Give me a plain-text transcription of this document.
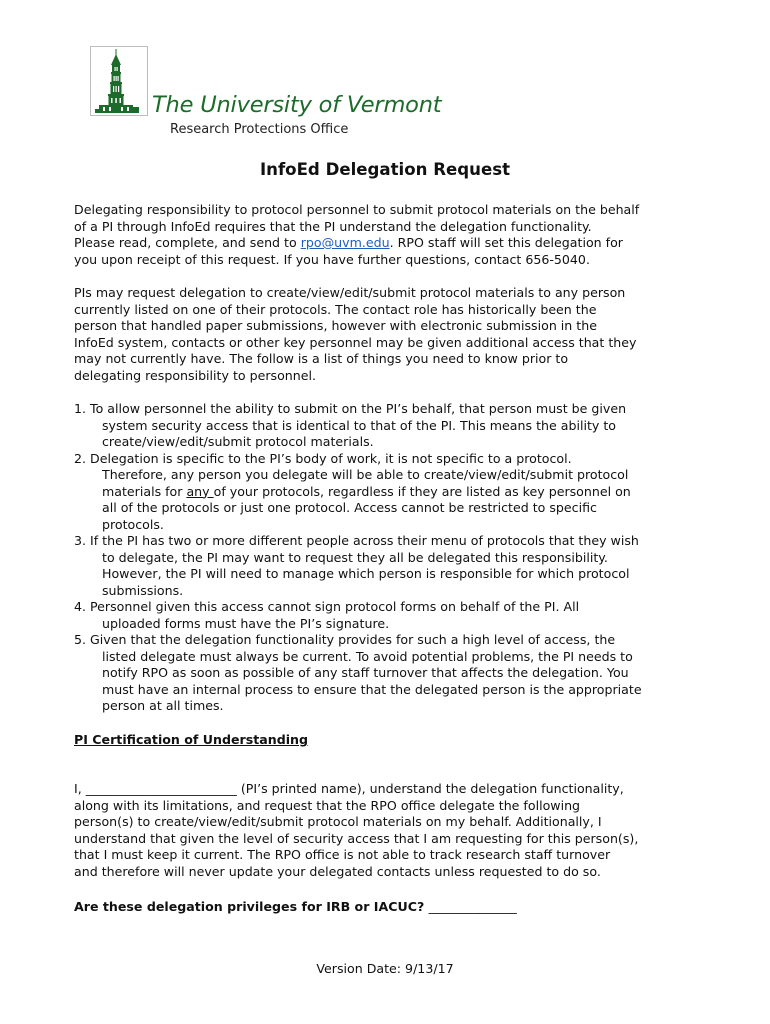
The University of Vermont
Research Protections Office
InfoEd Delegation Request

Delegating responsibility to protocol personnel to submit protocol materials on the behalf

of a PI through InfoEd requires that the PI understand the delegation functionality.

Please read, complete, and send to rpo@uvm.edu. RPO staff will set this delegation for

you upon receipt of this request. If you have further questions, contact 656-5040.

PIs may request delegation to create/view/edit/submit protocol materials to any person

currently listed on one of their protocols. The contact role has historically been the

person that handled paper submissions, however with electronic submission in the

InfoEd system, contacts or other key personnel may be given additional access that they

may not currently have. The follow is a list of things you need to know prior to

delegating responsibility to personnel.

1. To allow personnel the ability to submit on the PI’s behalf, that person must be given
system security access that is identical to that of the PI. This means the ability to
create/view/edit/submit protocol materials.
2. Delegation is specific to the PI’s body of work, it is not specific to a protocol.
Therefore, any person you delegate will be able to create/view/edit/submit protocol
materials for any of your protocols, regardless if they are listed as key personnel on
all of the protocols or just one protocol. Access cannot be restricted to specific
protocols.
3. If the PI has two or more different people across their menu of protocols that they wish
to delegate, the PI may want to request they all be delegated this responsibility.
However, the PI will need to manage which person is responsible for which protocol
submissions.
4. Personnel given this access cannot sign protocol forms on behalf of the PI. All
uploaded forms must have the PI’s signature.
5. Given that the delegation functionality provides for such a high level of access, the
listed delegate must always be current. To avoid potential problems, the PI needs to
notify RPO as soon as possible of any staff turnover that affects the delegation. You
must have an internal process to ensure that the delegated person is the appropriate
person at all times.
PI Certification of Understanding

I, ________________________ (PI’s printed name), understand the delegation functionality,

along with its limitations, and request that the RPO office delegate the following

person(s) to create/view/edit/submit protocol materials on my behalf. Additionally, I

understand that given the level of security access that I am requesting for this person(s),

that I must keep it current. The RPO office is not able to track research staff turnover

and therefore will never update your delegated contacts unless requested to do so.

Are these delegation privileges for IRB or IACUC? ______________
Version Date: 9/13/17
